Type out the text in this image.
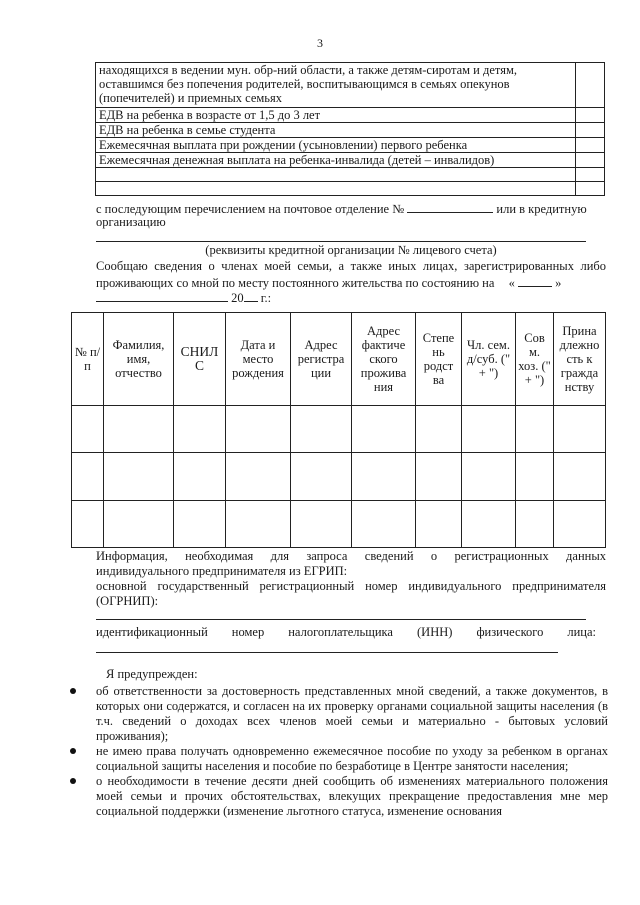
3
находящихся в ведении мун. обр-ний области, а также детям-сиротам и детям, оставшимся без попечения родителей, воспитывающимся в семьях опекунов (попечителей) и приемных семьях	
ЕДВ на ребенка в возрасте от 1,5 до 3 лет	
ЕДВ на ребенка в семье студента	
Ежемесячная выплата при рождении (усыновлении) первого ребенка	
Ежемесячная денежная выплата на ребенка-инвалида (детей – инвалидов)	

с последующим перечислением на почтовое отделение №	или в кредитную
организацию
(реквизиты кредитной организации № лицевого счета)
Сообщаю сведения о членах моей семьи, а также иных лицах, зарегистрированных либо
проживающих со мной по месту постоянного жительства по состоянию на «	»
20 г.:
№ п/п	Фамилия, имя, отчество	СНИЛ С	Дата и место рождения	Адрес регистра ции	Адрес фактиче ского прожива ния	Степе нь родст ва	Чл. сем. д/суб. (" + ")	Сов м. хоз. (" + ")	Прина длежно сть к гражда нству

Информация, необходимая для запроса сведений о регистрационных данных
индивидуального предпринимателя из ЕГРИП:
основной государственный регистрационный номер индивидуального предпринимателя
(ОГРНИП):
идентификационный номер налогоплательщика (ИНН) физического лица:
Я предупрежден:
об ответственности за достоверность представленных мной сведений, а также документов, в которых они содержатся, и согласен на их проверку органами социальной защиты населения (в т.ч. сведений о доходах всех членов моей семьи и материально - бытовых условий проживания);
не имею права получать одновременно ежемесячное пособие по уходу за ребенком в органах социальной защиты населения и пособие по безработице в Центре занятости населения;
о необходимости в течение десяти дней сообщить об изменениях материального положения моей семьи и прочих обстоятельствах, влекущих прекращение предоставления мне мер социальной поддержки (изменение льготного статуса, изменение основания
